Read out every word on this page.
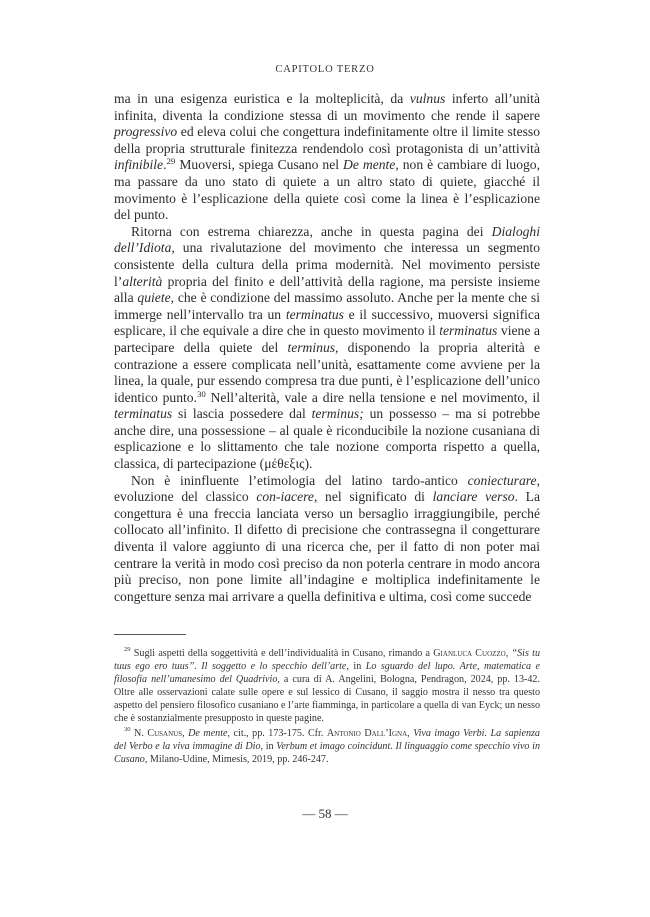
CAPITOLO TERZO

ma in una esigenza euristica e la molteplicità, da vulnus inferto all’unità infinita, diventa la condizione stessa di un movimento che rende il sapere progressivo ed eleva colui che congettura indefinitamente oltre il limite stesso della propria strutturale finitezza rendendolo così protagonista di un’attività infinibile.$^{29}$ Muoversi, spiega Cusano nel De mente, non è cambiare di luogo, ma passare da uno stato di quiete a un altro stato di quiete, giacché il movimento è l’esplicazione della quiete così come la linea è l’esplicazione del punto.

Ritorna con estrema chiarezza, anche in questa pagina dei Dialoghi dell’Idiota, una rivalutazione del movimento che interessa un segmento consistente della cultura della prima modernità. Nel movimento persiste l’alterità propria del finito e dell’attività della ragione, ma persiste insieme alla quiete, che è condizione del massimo assoluto. Anche per la mente che si immerge nell’intervallo tra un terminatus e il successivo, muoversi significa esplicare, il che equivale a dire che in questo movimento il terminatus viene a partecipare della quiete del terminus, disponendo la propria alterità e contrazione a essere complicata nell’unità, esattamente come avviene per la linea, la quale, pur essendo compresa tra due punti, è l’esplicazione dell’unico identico punto.$^{30}$ Nell’alterità, vale a dire nella tensione e nel movimento, il terminatus si lascia possedere dal terminus; un possesso – ma si potrebbe anche dire, una possessione – al quale è riconducibile la nozione cusaniana di esplicazione e lo slittamento che tale nozione comporta rispetto a quella, classica, di partecipazione (μέθεξις).

Non è ininfluente l’etimologia del latino tardo-antico coniecturare, evoluzione del classico con-iacere, nel significato di lanciare verso. La congettura è una freccia lanciata verso un bersaglio irraggiungibile, perché collocato all’infinito. Il difetto di precisione che contrassegna il congetturare diventa il valore aggiunto di una ricerca che, per il fatto di non poter mai centrare la verità in modo così preciso da non poterla centrare in modo ancora più preciso, non pone limite all’indagine e moltiplica indefinitamente le congetture senza mai arrivare a quella definitiva e ultima, così come succede

$^{29}$ Sugli aspetti della soggettività e dell’individualità in Cusano, rimando a Gianluca Cuozzo, “Sis tu tuus ego ero tuus”. Il soggetto e lo specchio dell’arte, in Lo sguardo del lupo. Arte, matematica e filosofia nell’umanesimo del Quadrivio, a cura di A. Angelini, Bologna, Pendragon, 2024, pp. 13-42. Oltre alle osservazioni calate sulle opere e sul lessico di Cusano, il saggio mostra il nesso tra questo aspetto del pensiero filosofico cusaniano e l’arte fiamminga, in particolare a quella di van Eyck; un nesso che è sostanzialmente presupposto in queste pagine.

$^{30}$ N. Cusanus, De mente, cit., pp. 173-175. Cfr. Antonio Dall’Igna, Viva imago Verbi. La sapienza del Verbo e la viva immagine di Dio, in Verbum et imago coincidunt. Il linguaggio come specchio vivo in Cusano, Milano-Udine, Mimesis, 2019, pp. 246-247.

— 58 —
